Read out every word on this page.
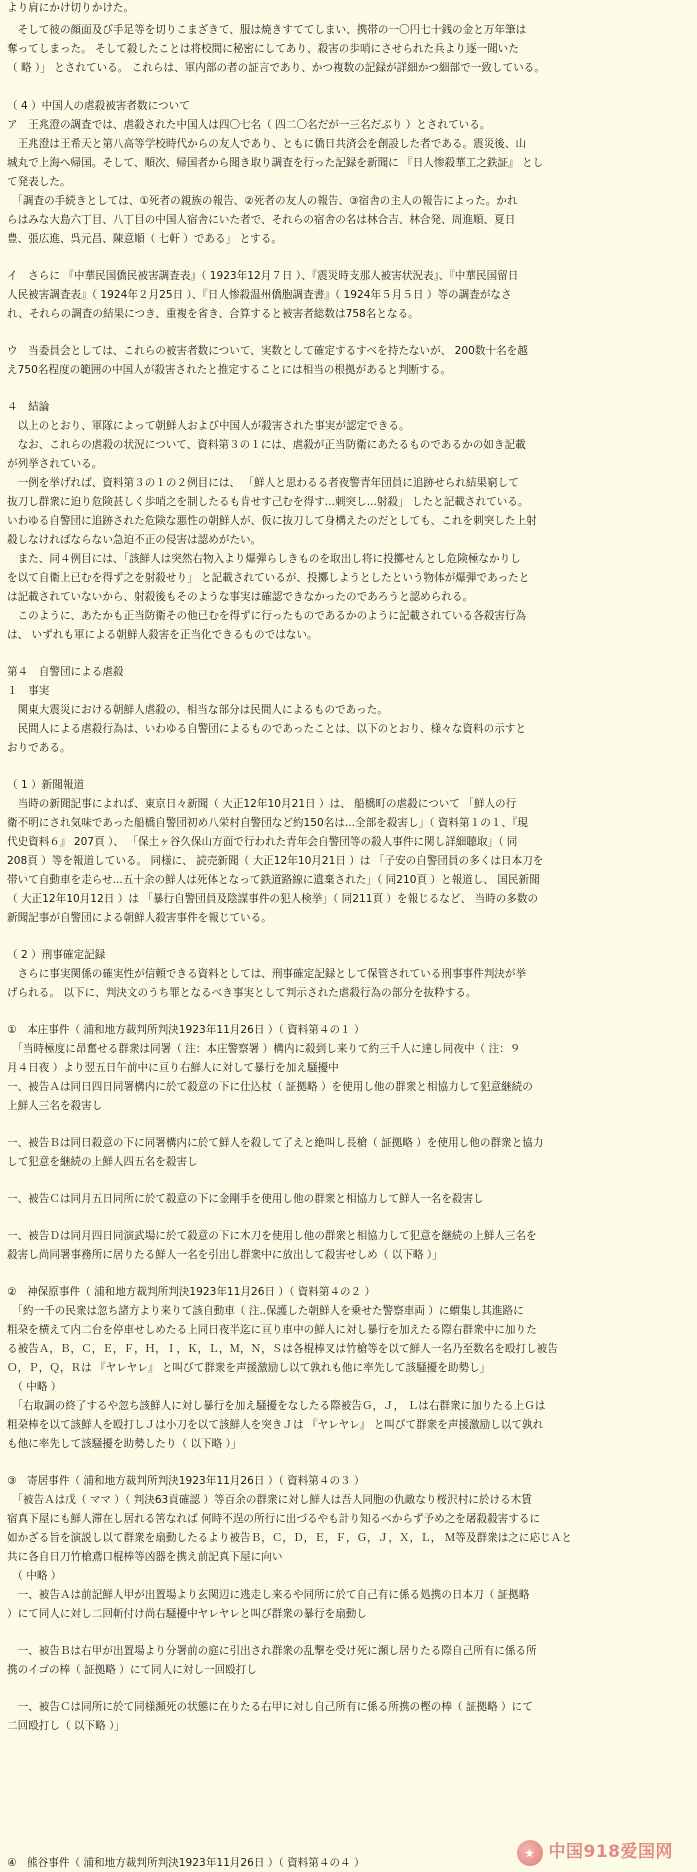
より肩にかけ切りかけた。
　そして彼の顔面及び手足等を切りこまざきて、服は焼きすててしまい、携帯の一〇円七十銭の金と万年筆は
奪ってしまった。 そして殺したことは将校間に秘密にしてあり、殺害の歩哨にさせられた兵より逐一聞いた
（ 略 ）」 とされている。 これらは、軍内部の者の証言であり、かつ複数の記録が詳細かつ細部で一致している。
（ 4 ）中国人の虐殺被害者数について
ア　王兆澄の調査では、虐殺された中国人は四〇七名（ 四二〇名だが一三名だぶり ）とされている。
　王兆澄は王希天と第八高等学校時代からの友人であり、ともに僑日共済会を創設した者である。震災後、山
城丸で上海へ帰国。そして、順次、帰国者から聞き取り調査を行った記録を新聞に 『日人惨殺華工之鉄証』 とし
て発表した。
　「調査の手続きとしては、①死者の親族の報告、②死者の友人の報告、③宿舎の主人の報告によった。かれ
らはみな大島六丁目、八丁目の中国人宿舎にいた者で、それらの宿舎の名は林合吉、林合発、周進順、夏日
豊、張広進、呉元昌、陳意順（ 七軒 ）である」 とする。
イ　さらに 『中華民国僑民被害調査表』（ 1923年12月７日 ）、『震災時支那人被害状況表』、『中華民国留日
人民被害調査表』（ 1924年２月25日 ）、『日人惨殺温州僑胞調査書』（ 1924年５月５日 ）等の調査がなさ
れ、それらの調査の結果につき、重複を省き、合算すると被害者総数は758名となる。
ウ　当委員会としては、これらの被害者数について、実数として確定するすべを持たないが、 200数十名を越
え750名程度の範囲の中国人が殺害されたと推定することには相当の根拠があると判断する。
４　結論
　以上のとおり、軍隊によって朝鮮人および中国人が殺害された事実が認定できる。
　なお、これらの虐殺の状況について、資料第３の１には、虐殺が正当防衛にあたるものであるかの如き記載
が列挙されている。
　一例を挙げれば、資料第３の１の２例目には、 「鮮人と思わるる者夜警青年団員に追跡せられ結果窮して
抜刀し群衆に迫り危険甚しく歩哨之を制したるも肯せす己むを得す...刺突し...射殺」 したと記載されている。
いわゆる自警団に追跡された危険な悪性の朝鮮人が、仮に抜刀して身構えたのだとしても、これを刺突した上射
殺しなければならない急迫不正の侵害は認めがたい。
　また、同４例目には、「該鮮人は突然右物入より爆弾らしきものを取出し将に投擲せんとし危険極なかりし
を以て自衛上已むを得ず之を射殺せり」 と記載されているが、投擲しようとしたという物体が爆弾であったと
は記載されていないから、射殺後もそのような事実は確認できなかったのであろうと認められる。
　このように、あたかも正当防衛その他已むを得ずに行ったものであるかのように記載されている各殺害行為
は、 いずれも軍による朝鮮人殺害を正当化できるものではない。
第４　自警団による虐殺
１　事実
　関東大震災における朝鮮人虐殺の、相当な部分は民間人によるものであった。
　民間人による虐殺行為は、いわゆる自警団によるものであったことは、以下のとおり、様々な資料の示すと
おりである。
（ 1 ）新聞報道
　当時の新聞記事によれば、東京日々新聞（ 大正12年10月21日 ）は、 船橋町の虐殺について 「鮮人の行
衛不明にされ気味であった船橋自警団初め八栄村自警団など約150名は...全部を殺害し」（ 資料第１の１、『現
代史資料６』 207頁 ）、 「保土ヶ谷久保山方面で行われた青年会自警団等の殺人事件に関し詳細聴取」（ 同
208頁 ）等を報道している。 同様に、 読売新聞（ 大正12年10月21日 ）は 「子安の自警団員の多くは日本刀を
帯いて自動車を走らせ...五十余の鮮人は死体となって鉄道路線に遺棄された」（ 同210頁 ）と報道し、 国民新聞
（ 大正12年10月12日 ）は 「暴行自警団員及陰謀事件の犯人検挙」（ 同211頁 ）を報じるなど、 当時の多数の
新聞記事が自警団による朝鮮人殺害事件を報じている。
（ 2 ）刑事確定記録
　さらに事実関係の確実性が信頼できる資料としては、刑事確定記録として保管されている刑事事件判決が挙
げられる。 以下に、判決文のうち罪となるべき事実として判示された虐殺行為の部分を抜粋する。
①　本庄事件（ 浦和地方裁判所判決1923年11月26日 ）（ 資料第４の１ ）
　「当時極度に昂奮せる群衆は同署（ 注：本庄警察署 ）構内に殺到し来りて約三千人に達し同夜中（ 注：９
月４日夜 ）より翌五日午前中に亘り右鮮人に対して暴行を加え騒擾中
一、被告Ａは同日四日同署構内に於て殺意の下に仕込杖（ 証拠略 ）を使用し他の群衆と相協力して犯意継続の
上鮮人三名を殺害し
一、被告Ｂは同日殺意の下に同署構内に於て鮮人を殺して了えと絶叫し長槍（ 証拠略 ）を使用し他の群衆と協力
して犯意を継続の上鮮人四五名を殺害し
一、被告Ｃは同月五日同所に於て殺意の下に金剛手を使用し他の群衆と相協力して鮮人一名を殺害し
一、被告Ｄは同月四日同演武場に於て殺意の下に木刀を使用し他の群衆と相協力して犯意を継続の上鮮人三名を
殺害し尚同署事務所に居りたる鮮人一名を引出し群衆中に放出して殺害せしめ（ 以下略 ）」
②　神保原事件（ 浦和地方裁判所判決1923年11月26日 ）（ 資料第４の２ ）
　「約一千の民衆は忽ち諸方より来りて該自動車（ 注..保護した朝鮮人を乗せた警察車両 ）に蝟集し其進路に
粗朶を横えて内二台を停車せしめたる上同日夜半迄に亘り車中の鮮人に対し暴行を加えたる際右群衆中に加りた
る被告Ａ，Ｂ，Ｃ，Ｅ，Ｆ，Ｈ，Ｉ，Ｋ，Ｌ，Ｍ，Ｎ，Ｓは各棍棒叉は竹槍等を以て鮮人一名乃至数名を殴打し被告
Ｏ，Ｐ，Ｑ，Ｒは 『ヤレヤレ』 と叫びて群衆を声援激励し以て孰れも他に率先して該騒擾を助勢し」
　（ 中略 ）
　「右取調の終了するや忽ち該鮮人に対し暴行を加え騒擾をなしたる際被告Ｇ，Ｊ， Ｌは右群衆に加りたる上Ｇは
粗朶棒を以て該鮮人を殴打しＪは小刀を以て該鮮人を突きＪは 『ヤレヤレ』 と叫びて群衆を声援激励し以て孰れ
も他に率先して該騒擾を助勢したり（ 以下略 ）」
③　寄居事件（ 浦和地方裁判所判決1923年11月26日 ）（ 資料第４の３ ）
　「被告Ａは戊（ ママ ）（ 判決63貢確認 ）等百余の群衆に対し鮮人は吾人同胞の仇敵なり桜沢村に於ける木賃
宿真下屋にも鮮人滞在し居れる筈なれば 何時不逞の所行に出づるやも計り知るべからず予め之を屠殺殺害するに
如かざる旨を演説し以て群衆を扇動したるより被告Ｂ，Ｃ，Ｄ，Ｅ，Ｆ，Ｇ，Ｊ，Ｘ，Ｌ， Ｍ等及群衆は之に応じＡと
共に各自日刀竹槍鳶口棍棒等凶器を携え前記真下屋に向い
　（ 中略 ）
　一、被告Ａは前記鮮人甲が出置場より玄関辺に逃走し来るや同所に於て自己有に係る処携の日本刀（ 証拠略
）にて同人に対し二回斬付け尚右騒擾中ヤレヤレと叫び群衆の暴行を扇動し
　一、被告Ｂは右甲が出置場より分署前の庭に引出され群衆の乱撃を受け死に瀕し居りたる際自己所有に係る所
携のイゴの棒（ 証拠略 ）にて同人に対し一回殴打し
　一、被告Ｃは同所に於て同様瀕死の状態に在りたる右甲に対し自己所有に係る所携の樫の棒（ 証拠略 ）にて
二回殴打し（ 以下略 ）」
④　熊谷事件（ 浦和地方裁判所判決1923年11月26日 ）（ 資料第４の４ ）
中国918爱国网
